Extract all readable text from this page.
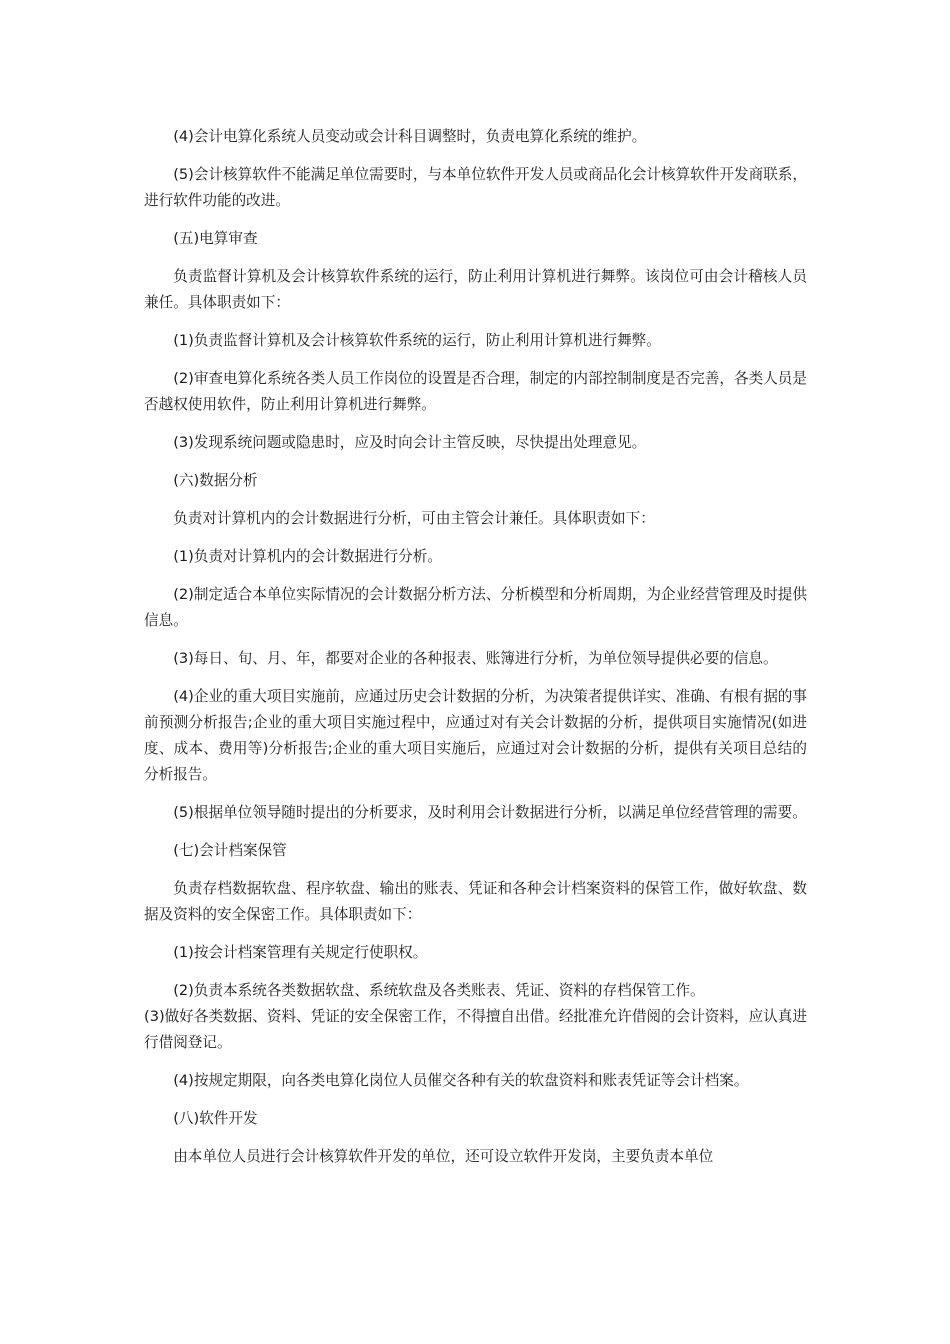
(4)会计电算化系统人员变动或会计科目调整时，负责电算化系统的维护。

(5)会计核算软件不能满足单位需要时，与本单位软件开发人员或商品化会计核算软件开发商联系，进行软件功能的改进。

(五)电算审查

负责监督计算机及会计核算软件系统的运行，防止利用计算机进行舞弊。该岗位可由会计稽核人员兼任。具体职责如下：

(1)负责监督计算机及会计核算软件系统的运行，防止利用计算机进行舞弊。

(2)审查电算化系统各类人员工作岗位的设置是否合理，制定的内部控制制度是否完善，各类人员是否越权使用软件，防止利用计算机进行舞弊。

(3)发现系统问题或隐患时，应及时向会计主管反映，尽快提出处理意见。

(六)数据分析

负责对计算机内的会计数据进行分析，可由主管会计兼任。具体职责如下：

(1)负责对计算机内的会计数据进行分析。

(2)制定适合本单位实际情况的会计数据分析方法、分析模型和分析周期，为企业经营管理及时提供信息。

(3)每日、旬、月、年，都要对企业的各种报表、账簿进行分析，为单位领导提供必要的信息。

(4)企业的重大项目实施前，应通过历史会计数据的分析，为决策者提供详实、准确、有根有据的事前预测分析报告;企业的重大项目实施过程中，应通过对有关会计数据的分析，提供项目实施情况(如进度、成本、费用等)分析报告;企业的重大项目实施后，应通过对会计数据的分析，提供有关项目总结的分析报告。

(5)根据单位领导随时提出的分析要求，及时利用会计数据进行分析，以满足单位经营管理的需要。

(七)会计档案保管

负责存档数据软盘、程序软盘、输出的账表、凭证和各种会计档案资料的保管工作，做好软盘、数据及资料的安全保密工作。具体职责如下：

(1)按会计档案管理有关规定行使职权。

(2)负责本系统各类数据软盘、系统软盘及各类账表、凭证、资料的存档保管工作。

(3)做好各类数据、资料、凭证的安全保密工作，不得擅自出借。经批准允许借阅的会计资料，应认真进行借阅登记。

(4)按规定期限，向各类电算化岗位人员催交各种有关的软盘资料和账表凭证等会计档案。

(八)软件开发

由本单位人员进行会计核算软件开发的单位，还可设立软件开发岗，主要负责本单位
